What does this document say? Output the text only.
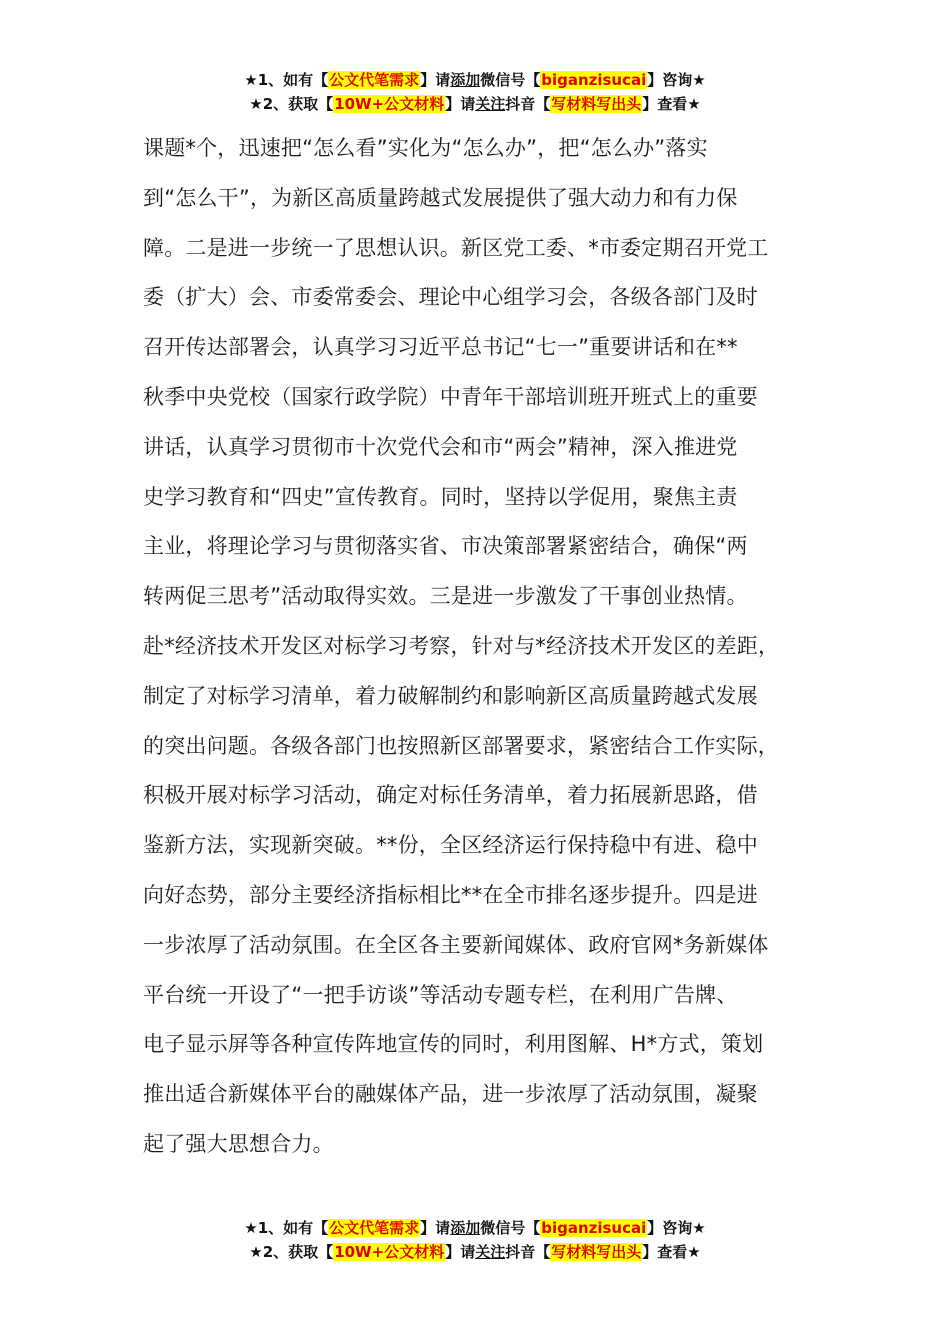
★1、如有【公文代笔需求】请添加微信号【biganzisucai】咨询★
★2、获取【10W+公文材料】请关注抖音【写材料写出头】查看★
课题*个，迅速把“怎么看”实化为“怎么办”，把“怎么办”落实
到“怎么干”，为新区高质量跨越式发展提供了强大动力和有力保
障。二是进一步统一了思想认识。新区党工委、*市委定期召开党工
委（扩大）会、市委常委会、理论中心组学习会，各级各部门及时
召开传达部署会，认真学习习近平总书记“七一”重要讲话和在**
秋季中央党校（国家行政学院）中青年干部培训班开班式上的重要
讲话，认真学习贯彻市十次党代会和市“两会”精神，深入推进党
史学习教育和“四史”宣传教育。同时，坚持以学促用，聚焦主责
主业，将理论学习与贯彻落实省、市决策部署紧密结合，确保“两
转两促三思考”活动取得实效。三是进一步激发了干事创业热情。
赴*经济技术开发区对标学习考察，针对与*经济技术开发区的差距，
制定了对标学习清单，着力破解制约和影响新区高质量跨越式发展
的突出问题。各级各部门也按照新区部署要求，紧密结合工作实际，
积极开展对标学习活动，确定对标任务清单，着力拓展新思路，借
鉴新方法，实现新突破。**份，全区经济运行保持稳中有进、稳中
向好态势，部分主要经济指标相比**在全市排名逐步提升。四是进
一步浓厚了活动氛围。在全区各主要新闻媒体、政府官网*务新媒体
平台统一开设了“一把手访谈”等活动专题专栏，在利用广告牌、
电子显示屏等各种宣传阵地宣传的同时，利用图解、H*方式，策划
推出适合新媒体平台的融媒体产品，进一步浓厚了活动氛围，凝聚
起了强大思想合力。
★1、如有【公文代笔需求】请添加微信号【biganzisucai】咨询★
★2、获取【10W+公文材料】请关注抖音【写材料写出头】查看★
